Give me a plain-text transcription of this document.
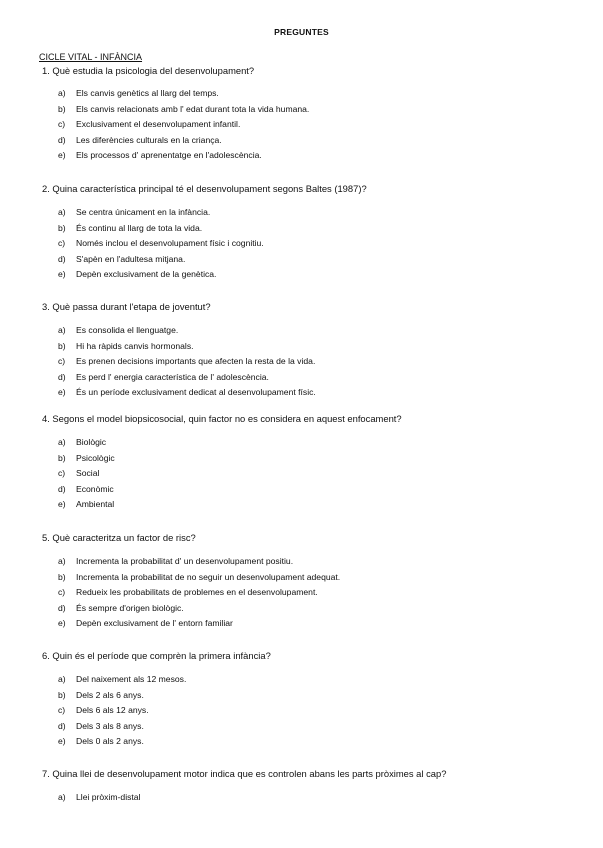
PREGUNTES
CICLE VITAL - INFÀNCIA
1. Què estudia la psicologia del desenvolupament?
a) Els canvis genètics al llarg del temps.
b) Els canvis relacionats amb l' edat durant tota la vida humana.
c) Exclusivament el desenvolupament infantil.
d) Les diferències culturals en la criança.
e) Els processos d' aprenentatge en l'adolescència.
2. Quina característica principal té el desenvolupament segons Baltes (1987)?
a) Se centra únicament en la infància.
b) És continu al llarg de tota la vida.
c) Només inclou el desenvolupament físic i cognitiu.
d) S'apèn en l'adultesa mitjana.
e) Depèn exclusivament de la genètica.
3. Què passa durant l'etapa de joventut?
a) Es consolida el llenguatge.
b) Hi ha ràpids canvis hormonals.
c) Es prenen decisions importants que afecten la resta de la vida.
d) Es perd l' energia característica de l' adolescència.
e) És un període exclusivament dedicat al desenvolupament físic.
4. Segons el model biopsicosocial, quin factor no es considera en aquest enfocament?
a) Biològic
b) Psicològic
c) Social
d) Econòmic
e) Ambiental
5. Què caracteritza un factor de risc?
a) Incrementa la probabilitat d' un desenvolupament positiu.
b) Incrementa la probabilitat de no seguir un desenvolupament adequat.
c) Redueix les probabilitats de problemes en el desenvolupament.
d) És sempre d'origen biològic.
e) Depèn exclusivament de l' entorn familiar
6. Quin és el període que comprèn la primera infància?
a) Del naixement als 12 mesos.
b) Dels 2 als 6 anys.
c) Dels 6 als 12 anys.
d) Dels 3 als 8 anys.
e) Dels 0 als 2 anys.
7. Quina llei de desenvolupament motor indica que es controlen abans les parts pròximes al cap?
a) Llei pròxim-distal
